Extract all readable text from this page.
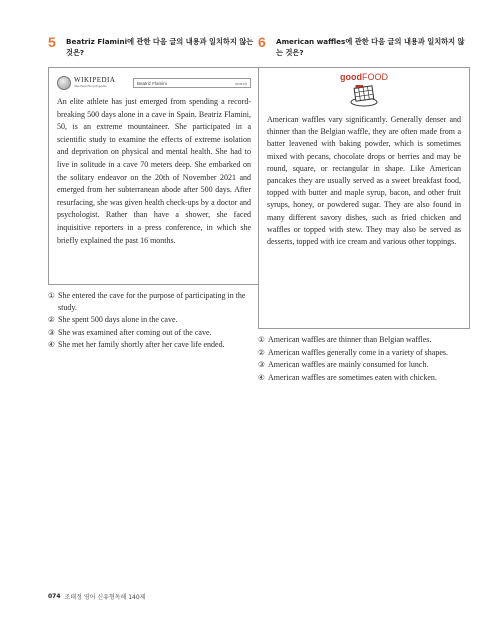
5	Beatriz Flamini에 관한 다음 글의 내용과 일치하지 않는 것은?
WIKIPEDIA
The Free Encyclopedia
Beatriz Flamini	search

An elite athlete has just emerged from spending a record-breaking 500 days alone in a cave in Spain. Beatriz Flamini, 50, is an extreme mountaineer. She participated in a scientific study to examine the effects of extreme isolation and deprivation on physical and mental health. She had to live in solitude in a cave 70 meters deep. She embarked on the solitary endeavor on the 20th of November 2021 and emerged from her subterranean abode after 500 days. After resurfacing, she was given health check-ups by a doctor and psychologist. Rather than have a shower, she faced inquisitive reporters in a press conference, in which she briefly explained the past 16 months.

① She entered the cave for the purpose of participating in the study.
② She spent 500 days alone in the cave.
③ She was examined after coming out of the cave.
④ She met her family shortly after her cave life ended.
6	American waffles에 관한 다음 글의 내용과 일치하지 않는 것은?
goodFOOD

American waffles vary significantly. Generally denser and thinner than the Belgian waffle, they are often made from a batter leavened with baking powder, which is sometimes mixed with pecans, chocolate drops or berries and may be round, square, or rectangular in shape. Like American pancakes they are usually served as a sweet breakfast food, topped with butter and maple syrup, bacon, and other fruit syrups, honey, or powdered sugar. They are also found in many different savory dishes, such as fried chicken and waffles or topped with stew. They may also be served as desserts, topped with ice cream and various other toppings.

① American waffles are thinner than Belgian waffles.
② American waffles generally come in a variety of shapes.
③ American waffles are mainly consumed for lunch.
④ American waffles are sometimes eaten with chicken.
074 조태정 영어 신유형독해 140제
